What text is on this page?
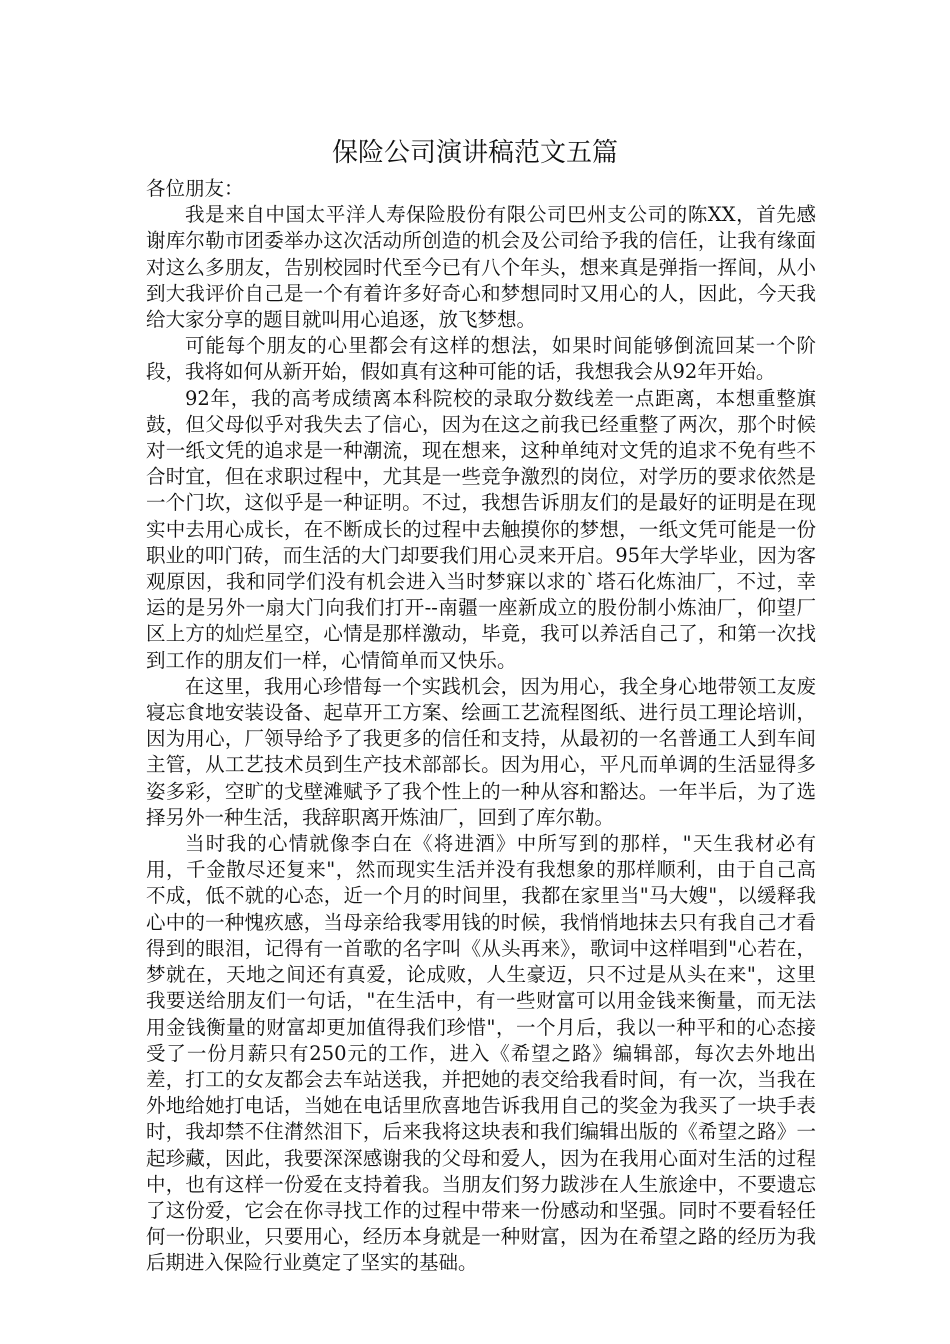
保险公司演讲稿范文五篇

各位朋友：

我是来自中国太平洋人寿保险股份有限公司巴州支公司的陈XX，首先感谢库尔勒市团委举办这次活动所创造的机会及公司给予我的信任，让我有缘面对这么多朋友，告别校园时代至今已有八个年头，想来真是弹指一挥间，从小到大我评价自己是一个有着许多好奇心和梦想同时又用心的人，因此，今天我给大家分享的题目就叫用心追逐，放飞梦想。

可能每个朋友的心里都会有这样的想法，如果时间能够倒流回某一个阶段，我将如何从新开始，假如真有这种可能的话，我想我会从92年开始。

92年，我的高考成绩离本科院校的录取分数线差一点距离，本想重整旗鼓，但父母似乎对我失去了信心，因为在这之前我已经重整了两次，那个时候对一纸文凭的追求是一种潮流，现在想来，这种单纯对文凭的追求不免有些不合时宜，但在求职过程中，尤其是一些竞争激烈的岗位，对学历的要求依然是一个门坎，这似乎是一种证明。不过，我想告诉朋友们的是最好的证明是在现实中去用心成长，在不断成长的过程中去触摸你的梦想，一纸文凭可能是一份职业的叩门砖，而生活的大门却要我们用心灵来开启。95年大学毕业，因为客观原因，我和同学们没有机会进入当时梦寐以求的`塔石化炼油厂，不过，幸运的是另外一扇大门向我们打开--南疆一座新成立的股份制小炼油厂，仰望厂区上方的灿烂星空，心情是那样激动，毕竟，我可以养活自己了，和第一次找到工作的朋友们一样，心情简单而又快乐。

在这里，我用心珍惜每一个实践机会，因为用心，我全身心地带领工友废寝忘食地安装设备、起草开工方案、绘画工艺流程图纸、进行员工理论培训，因为用心，厂领导给予了我更多的信任和支持，从最初的一名普通工人到车间主管，从工艺技术员到生产技术部部长。因为用心，平凡而单调的生活显得多姿多彩，空旷的戈壁滩赋予了我个性上的一种从容和豁达。一年半后，为了选择另外一种生活，我辞职离开炼油厂，回到了库尔勒。

当时我的心情就像李白在《将进酒》中所写到的那样，"天生我材必有用，千金散尽还复来"，然而现实生活并没有我想象的那样顺利，由于自己高不成，低不就的心态，近一个月的时间里，我都在家里当"马大嫂"，以缓释我心中的一种愧疚感，当母亲给我零用钱的时候，我悄悄地抹去只有我自己才看得到的眼泪，记得有一首歌的名字叫《从头再来》，歌词中这样唱到"心若在，梦就在，天地之间还有真爱，论成败，人生豪迈，只不过是从头在来"，这里我要送给朋友们一句话，"在生活中，有一些财富可以用金钱来衡量，而无法用金钱衡量的财富却更加值得我们珍惜"，一个月后，我以一种平和的心态接受了一份月薪只有250元的工作，进入《希望之路》编辑部，每次去外地出差，打工的女友都会去车站送我，并把她的表交给我看时间，有一次，当我在外地给她打电话，当她在电话里欣喜地告诉我用自己的奖金为我买了一块手表时，我却禁不住潸然泪下，后来我将这块表和我们编辑出版的《希望之路》一起珍藏，因此，我要深深感谢我的父母和爱人，因为在我用心面对生活的过程中，也有这样一份爱在支持着我。当朋友们努力跋涉在人生旅途中，不要遗忘了这份爱，它会在你寻找工作的过程中带来一份感动和坚强。同时不要看轻任何一份职业，只要用心，经历本身就是一种财富，因为在希望之路的经历为我后期进入保险行业奠定了坚实的基础。
